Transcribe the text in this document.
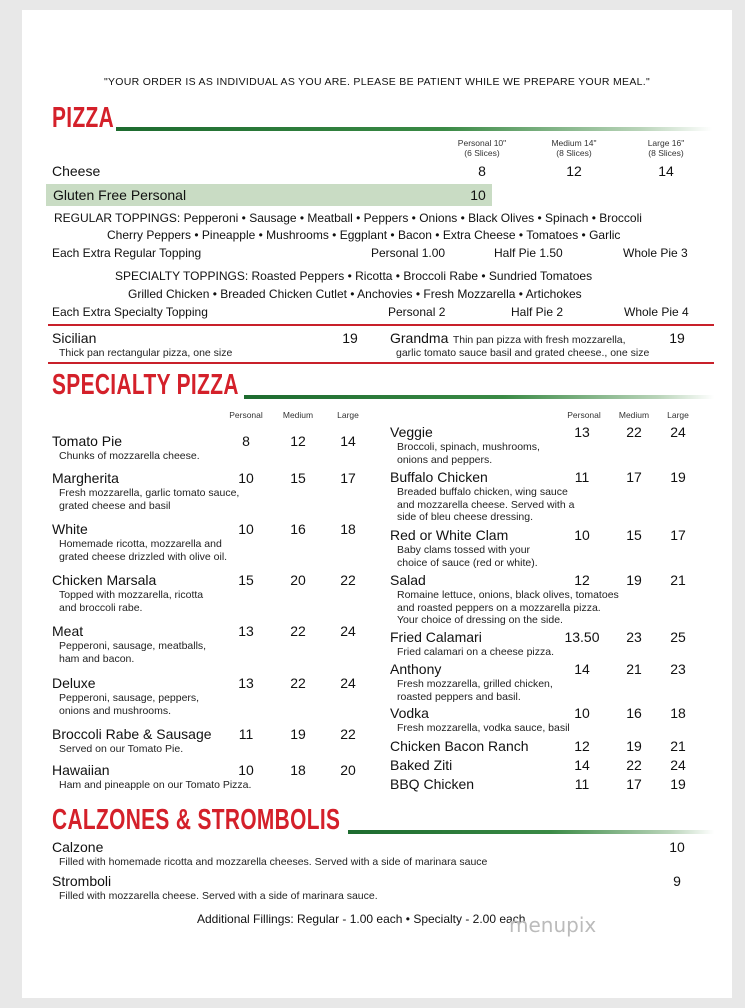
"YOUR ORDER IS AS INDIVIDUAL AS YOU ARE. PLEASE BE PATIENT WHILE WE PREPARE YOUR MEAL."
PIZZA
Personal 10"
(6 Slices)
Medium 14"
(8 Slices)
Large 16"
(8 Slices)
Cheese	8	12	14
Gluten Free Personal	10
REGULAR TOPPINGS: Pepperoni • Sausage • Meatball • Peppers • Onions • Black Olives • Spinach • Broccoli
Cherry Peppers • Pineapple • Mushrooms • Eggplant • Bacon • Extra Cheese • Tomatoes • Garlic
Each Extra Regular Topping	Personal 1.00	Half Pie 1.50	Whole Pie 3
SPECIALTY TOPPINGS: Roasted Peppers • Ricotta • Broccoli Rabe • Sundried Tomatoes
Grilled Chicken • Breaded Chicken Cutlet • Anchovies • Fresh Mozzarella • Artichokes
Each Extra Specialty Topping	Personal 2	Half Pie 2	Whole Pie 4
Sicilian	19
Thick pan rectangular pizza, one size
Grandma Thin pan pizza with fresh mozzarella,	19
garlic tomato sauce basil and grated cheese., one size
SPECIALTY PIZZA
Personal	Medium	Large	Personal	Medium	Large
Tomato Pie	8	12	14
Chunks of mozzarella cheese.
Margherita	10	15	17
Fresh mozzarella, garlic tomato sauce,
grated cheese and basil
White	10	16	18
Homemade ricotta, mozzarella and
grated cheese drizzled with olive oil.
Chicken Marsala	15	20	22
Topped with mozzarella, ricotta
and broccoli rabe.
Meat	13	22	24
Pepperoni, sausage, meatballs,
ham and bacon.
Deluxe	13	22	24
Pepperoni, sausage, peppers,
onions and mushrooms.
Broccoli Rabe & Sausage	11	19	22
Served on our Tomato Pie.
Hawaiian	10	18	20
Ham and pineapple on our Tomato Pizza.
Veggie	13	22	24
Broccoli, spinach, mushrooms,
onions and peppers.
Buffalo Chicken	11	17	19
Breaded buffalo chicken, wing sauce
and mozzarella cheese. Served with a
side of bleu cheese dressing.
Red or White Clam	10	15	17
Baby clams tossed with your
choice of sauce (red or white).
Salad	12	19	21
Romaine lettuce, onions, black olives, tomatoes
and roasted peppers on a mozzarella pizza.
Your choice of dressing on the side.
Fried Calamari	13.50	23	25
Fried calamari on a cheese pizza.
Anthony	14	21	23
Fresh mozzarella, grilled chicken,
roasted peppers and basil.
Vodka	10	16	18
Fresh mozzarella, vodka sauce, basil
Chicken Bacon Ranch	12	19	21
Baked Ziti	14	22	24
BBQ Chicken	11	17	19
CALZONES & STROMBOLIS
Calzone	10
Filled with homemade ricotta and mozzarella cheeses. Served with a side of marinara sauce
Stromboli	9
Filled with mozzarella cheese. Served with a side of marinara sauce.
Additional Fillings: Regular - 1.00 each • Specialty - 2.00 each
menupix
